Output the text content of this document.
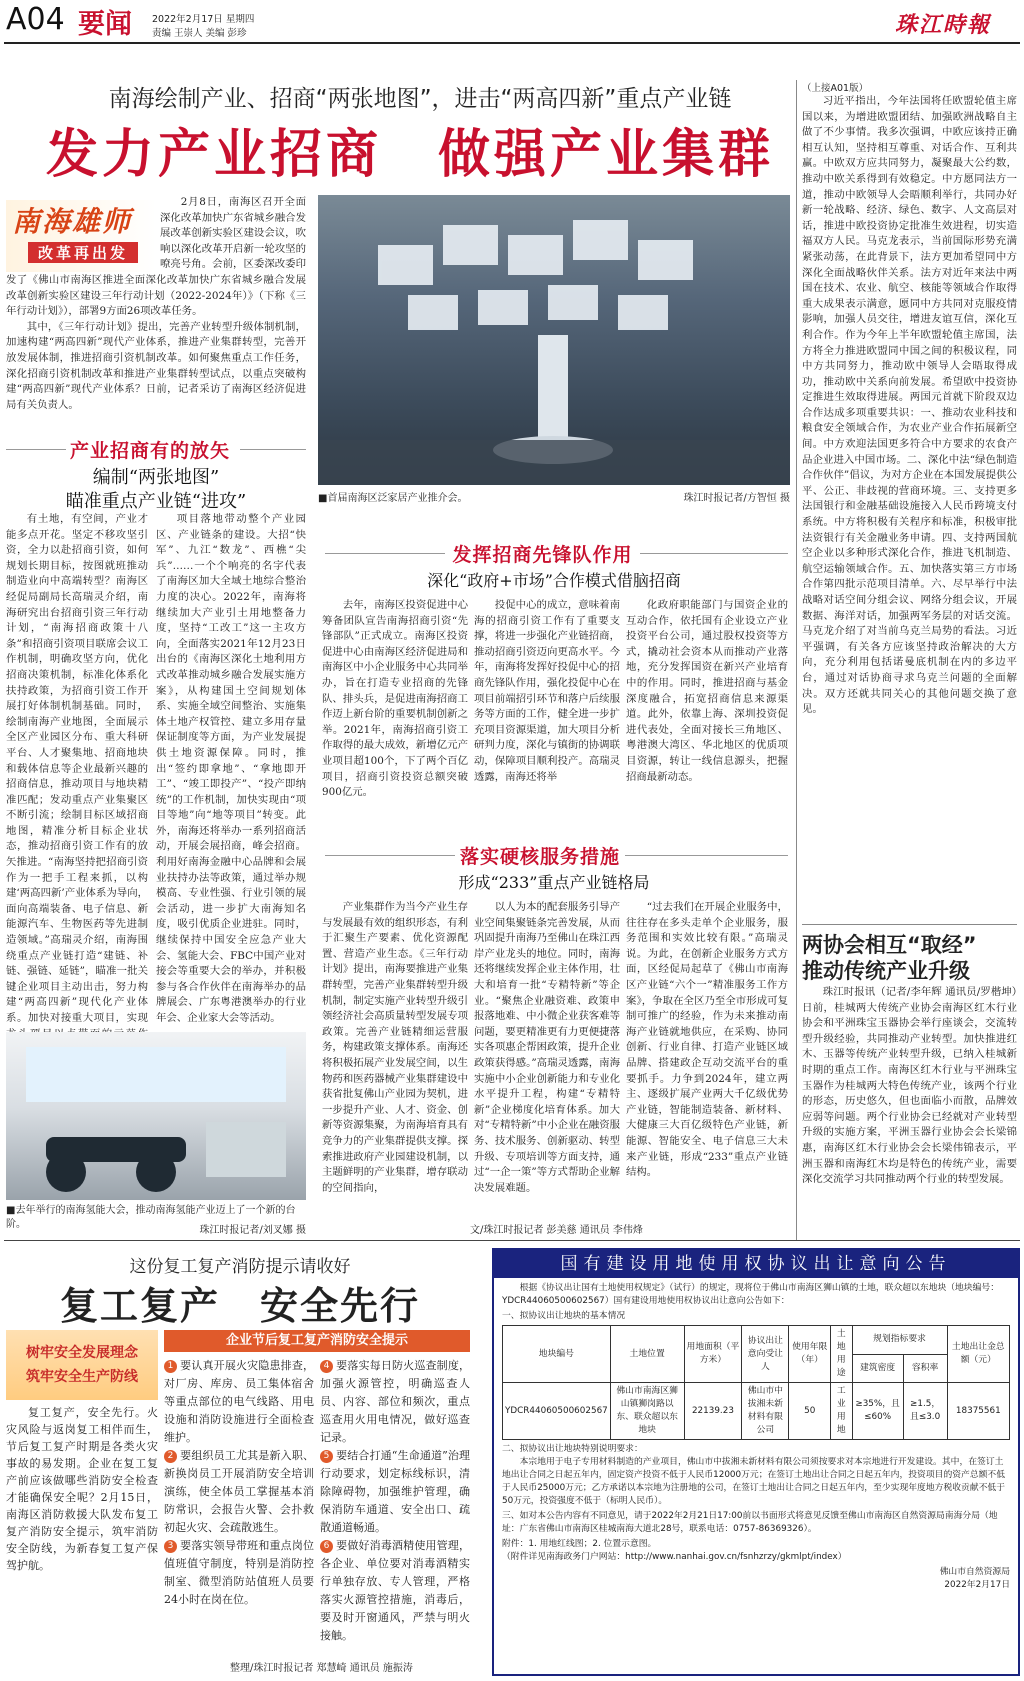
A04 要闻 2022年2月17日 星期四
责编 王崇人 美编 彭珍	珠江時報
南海绘制产业、招商“两张地图”，进击“两高四新”重点产业链
发力产业招商　做强产业集群
南海雄师
改革再出发

2月8日，南海区召开全面深化改革加快广东省城乡融合发展改革创新实验区建设会议，吹响以深化改革开启新一轮攻坚的嘹亮号角。会前，区委深改委印发了《佛山市南海区推进全面深化改革加快广东省城乡融合发展改革创新实验区建设三年行动计划（2022-2024年）》（下称《三年行动计划》），部署9方面26项改革任务。

其中，《三年行动计划》提出，完善产业转型升级体制机制，加速构建“两高四新”现代产业体系，推进产业集群转型，完善开放发展体制，推进招商引资机制改革。如何聚焦重点工作任务，深化招商引资机制改革和推进产业集群转型试点，以重点突破构建“两高四新”现代产业体系？日前，记者采访了南海区经济促进局有关负责人。

■首届南海区泛家居产业推介会。	珠江时报记者/方智恒 摄
产业招商有的放矢
编制“两张地图”
瞄准重点产业链“进攻”

有土地，有空间，产业才能多点开花。坚定不移攻坚引资，全力以赴招商引资，如何规划长期目标，按图就班推动制造业向中高端转型？南海区经促局副局长高瑞灵介绍，南海研究出台招商引资三年行动计划，“南海招商政策十八条”和招商引资项目联席会议工作机制，明确攻坚方向，优化招商决策机制，标准化体系化扶持政策，为招商引资工作开展打好体制机制基础。同时，绘制南海产业地图，全面展示全区产业园区分布、重大科研平台、人才聚集地、招商地块和载体信息等企业最新兴趣的招商信息，推动项目与地块精准匹配；发动重点产业集聚区不断引流；绘制目标区域招商地图，精准分析目标企业状态，推动招商引资工作有的放矢推进。“南海坚持把招商引资作为一把手工程来抓，以构建‘两高四新’产业体系为导向，面向高端装备、电子信息、新能源汽车、生物医药等先进制造领域。”高瑞灵介绍，南海围绕重点产业链打造“建链、补链、强链、延链”，瞄准一批关键企业项目主动出击，努力构建“两高四新”现代化产业体系。加快对接重大项目，实现

项目落地带动整个产业园区、产业链条的建设。大招“快军”、九江“数龙”、西樵“尖兵”……一个个响亮的名字代表了南海区加大全域土地综合整治力度的决心。2022年，南海将继续加大产业引土用地整备力度，坚持“工改工”这一主攻方向，全面落实2021年12月23日出台的《南海区深化土地利用方式改革推动城乡融合发展实施方案》，从构建国土空间规划体系、实施全域空间整治、实施集体土地产权管控、建立多用存量保证制度等方面，为产业发展提供土地资源保障。同时，推出“签约即拿地”、“拿地即开工”、“竣工即投产”、“投产即纳统”的工作机制，加快实现由“项目等地”向“地等项目”转变。此外，南海还将举办一系列招商活动，开展会展招商，峰会招商。利用好南海金融中心品牌和会展业扶持办法等政策，通过举办规模高、专业性强、行业引领的展会活动，进一步扩大南海知名度，吸引优质企业进驻。同时，继续保持中国安全应急产业大会、氢能大会、FBC中国产业对接会等重要大会的举办，并积极参与各合作伙伴在南海举办的品牌展会、广东粤港澳举办的行业年会、企业家大会等活动。

■去年举行的南海氢能大会，推动南海氢能产业迈上了一个新的台阶。
珠江时报记者/刘叉娜 摄
发挥招商先锋队作用
深化“政府+市场”合作模式借脑招商

去年，南海区投资促进中心筹备团队宣告南海招商引资“先锋部队”正式成立。南海区投资促进中心由南海区经济促进局和南海区中小企业服务中心共同举办，旨在打造专业招商的先锋队、排头兵，是促进南海招商工作迈上新台阶的重要机制创新之举。2021年，南海招商引资工作取得的最大成效，新增亿元产业项目超100个，下了两个百亿项目，招商引资投资总额突破900亿元。

投促中心的成立，意味着南海的招商引资工作有了重要支撑，将进一步强化产业链招商，推动招商引资迈向更高水平。今年，南海将发挥好投促中心的招商先锋队作用，强化投促中心在项目前端招引环节和落户后续服务等方面的工作，健全进一步扩充项目资源渠道，加大项目分析研判力度，深化与镇街的协调联动，保障项目顺利投产。高瑞灵透露，南海还将举

化政府职能部门与国资企业的互动合作，依托国有企业设立产业投资平台公司，通过股权投资等方式，撬动社会资本从而推动产业落地，充分发挥国资在新兴产业培育中的作用。同时，推进招商与基金深度融合，拓宽招商信息来源渠道。此外，依靠上海、深圳投资促进代表处，全面对接长三角地区、粤港澳大湾区、华北地区的优质项目资源，转让一线信息源头，把握招商最新动态。

落实硬核服务措施
形成“233”重点产业链格局

产业集群作为当今产业生存与发展最有效的组织形态，有利于汇聚生产要素、优化资源配置、营造产业生态。《三年行动计划》提出，南海要推进产业集群转型，完善产业集群转型升级机制，制定实施产业转型升级引领经济社会高质量转型发展专项政策。完善产业链精细运营服务，构建政策支撑体系。南海还将积极拓展产业发展空间，以生物药和医药器械产业集群建设中获省批复佛山产业园为契机，进一步提升产业、人才、资金、创新等资源集聚，为南海培育具有竞争力的产业集群提供支撑。探索推进政府产业园建设机制，以主题鲜明的产业集群，增存联动的空间指向，

以人为本的配套服务引导产业空间集聚链条完善发展，从而巩固提升南海乃至佛山在珠江西岸产业龙头的地位。同时，南海还将继续发挥企业主体作用，壮大和培育一批“专精特新”等企业。“聚焦企业融资难、政策申报落地难、中小微企业获客难等问题，要更精准更有力更便捷落实各项惠企帮困政策，提升企业政策获得感。”高瑞灵透露，南海实施中小企业创新能力和专业化水平提升工程，构建“专精特新”企业梯度化培育体系。加大对“专精特新”中小企业在融资服务、技术服务、创新驱动、转型升级、专项培训等方面支持，通过“一企一策”等方式帮助企业解决发展难题。

“过去我们在开展企业服务中，往往存在多头走单个企业服务，服务范围和实效比较有限。”高瑞灵说。为此，在创新企业服务方式方面，区经促局起草了《佛山市南海区产业链“六个一”精准服务工作方案》，争取在全区乃至全市形成可复制可推广的经验，作为未来推动南海产业链就地供应，在采购、协同创新、行业自律、打造产业链区域品牌、搭建政企互动交流平台的重要抓手。力争到2024年，建立两主、逐级扩展产业两大千亿级优势产业链，智能制造装备、新材料、大健康三大百亿级特色产业链，新能源、智能安全、电子信息三大未来产业链，形成“233”重点产业链结构。

文/珠江时报记者 彭美慈 通讯员 李伟烽
（上接A01版）

习近平指出，今年法国将任欧盟轮值主席国以来，为增进欧盟团结、加强欧洲战略自主做了不少事情。我多次强调，中欧应该持正确相互认知，坚持相互尊重、对话合作、互利共赢。中欧双方应共同努力，凝聚最大公约数，推动中欧关系得到有效稳定。中方愿同法方一道，推动中欧领导人会晤顺利举行，共同办好新一轮战略、经济、绿色、数字、人文高层对话，推进中欧投资协定批准生效进程，切实造福双方人民。马克龙表示，当前国际形势充满紧张动荡，在此背景下，法方更加希望同中方深化全面战略伙伴关系。法方对近年来法中两国在技术、农业、航空、核能等领域合作取得重大成果表示满意，愿同中方共同对克服疫情影响，加强人员交往，增进友谊互信，深化互利合作。作为今年上半年欧盟轮值主席国，法方将全力推进欧盟同中国之间的积极议程，同中方共同努力，推动欧中领导人会晤取得成功，推动欧中关系向前发展。希望欧中投资协定推进生效取得进展。两国元首就下阶段双边合作达成多项重要共识：一、推动农业科技和粮食安全领域合作，为农业产业合作拓展新空间。中方欢迎法国更多符合中方要求的农食产品企业进入中国市场。二、深化中法“绿色制造合作伙伴”倡议，为对方企业在本国发展提供公平、公正、非歧视的营商环境。三、支持更多法国银行和金融基础设施接入人民币跨境支付系统。中方将积极有关程序和标准，积极审批法资银行有关金融业务申请。四、支持两国航空企业以多种形式深化合作，推进飞机制造、航空运输领域合作。五、加快落实第三方市场合作第四批示范项目清单。六、尽早举行中法战略对话空间分组会议、网络分组会议，开展数据、海洋对话，加强两军务层的对话交流。马克龙介绍了对当前乌克兰局势的看法。习近平强调，有关各方应该坚持政治解决的大方向，充分利用包括诺曼底机制在内的多边平台，通过对话协商寻求乌克兰问题的全面解决。双方还就共同关心的其他问题交换了意见。

两协会相互“取经”
推动传统产业升级

珠江时报讯（记者/李年辉 通讯员/罗楷坤）日前，桂城两大传统产业协会南海区红木行业协会和平洲珠宝玉器协会举行座谈会，交流转型升级经验，共同推动产业转型。加快推进红木、玉器等传统产业转型升级，已纳入桂城新时期的重点工作。南海区红木行业与平洲珠宝玉器作为桂城两大特色传统产业，该两个行业的形态，历史悠久，但也面临小而散，品牌效应弱等问题。两个行业协会已经就对产业转型升级的实施方案，平洲玉器行业协会会长梁锦惠，南海区红木行业协会会长梁伟锦表示，平洲玉器和南海红木均是特色的传统产业，需要深化交流学习共同推动两个行业的转型发展。

这份复工复产消防提示请收好
复工复产　安全先行
树牢安全发展理念
筑牢安全生产防线

复工复产，安全先行。火灾风险与返岗复工相伴而生，节后复工复产时期是各类火灾事故的易发期。企业在复工复产前应该做哪些消防安全检查才能确保安全呢？2月15日，南海区消防救援大队发布复工复产消防安全提示，筑牢消防安全防线，为新春复工复产保驾护航。

企业节后复工复产消防安全提示
1 要认真开展火灾隐患排查，对厂房、库房、员工集体宿舍等重点部位的电气线路、用电设施和消防设施进行全面检查维护。
2 要组织员工尤其是新入职、新换岗员工开展消防安全培训演练，使全体员工掌握基本消防常识，会报告火警、会扑救初起火灾、会疏散逃生。
3 要落实领导带班和重点岗位值班值守制度，特别是消防控制室、微型消防站值班人员要24小时在岗在位。
4 要落实每日防火巡查制度，加强火源管控，明确巡查人员、内容、部位和频次，重点巡查用火用电情况，做好巡查记录。
5 要结合打通“生命通道”治理行动要求，划定标线标识，清除障碍物，加强维护管理，确保消防车通道、安全出口、疏散通道畅通。
6 要做好消毒酒精使用管理，各企业、单位要对消毒酒精实行单独存放、专人管理，严格落实火源管控措施，消毒后，要及时开窗通风，严禁与明火接触。
整理/珠江时报记者 郑慧崎 通讯员 施振涛
国有建设用地使用权协议出让意向公告
根据《协议出让国有土地使用权规定》（试行）的规定，现将位于佛山市南海区狮山镇的土地，联众超以东地块（地块编号：YDCR44060500602567）国有建设用地使用权协议出让意向公告如下：
一、拟协议出让地块的基本情况
地块编号	土地位置	用地面积（平方米）	协议出让意向受让人	使用年限（年）	土地用途	规划指标要求		土地出让金总额（元）
						建筑密度	容积率	
YDCR44060500602567	佛山市南海区狮山镇狮岗路以东、联众超以东地块	22139.23	佛山市中拔湘未新材料有限公司	50	工业用地	≥35%，且≤60%	≥1.5，且≤3.0	18375561
二、拟协议出让地块特别说明要求：
本宗地用于电子专用材料制造的产业项目，佛山市中拔湘未新材料有限公司须按要求对本宗地进行开发建设。其中，在签订土地出让合同之日起五年内，固定资产投资不低于人民币12000万元；在签订土地出让合同之日起五年内，投资项目的资产总额不低于人民币25000万元；乙方承诺以本宗地为注册地的公司，在签订土地出让合同之日起五年内，至少实现年度地方税收贡献不低于50万元，投资强度不低于（标明人民币）。
三、如对本公告内容有不同意见，请于2022年2月21日17:00前以书面形式将意见反馈至佛山市南海区自然资源局南海分局（地址：广东省佛山市南海区桂城南海大道北28号，联系电话：0757-86369326）。
附件：1. 用地红线图；2. 位置示意图。
（附件详见南海政务门户网站：http://www.nanhai.gov.cn/fsnhzrzy/gkmlpt/index）
佛山市自然资源局
2022年2月17日
